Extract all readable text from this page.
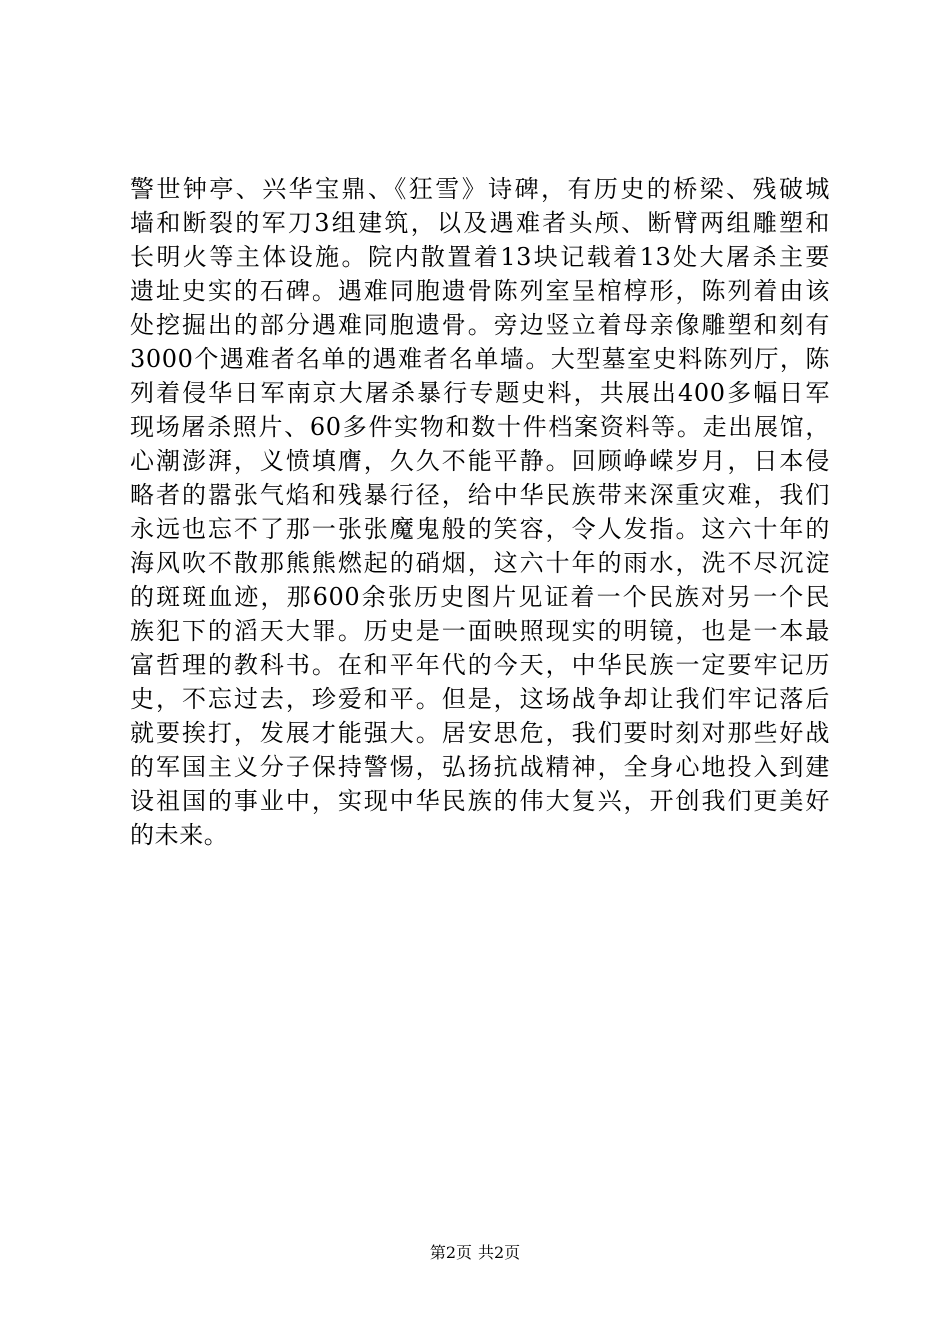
警世钟亭、兴华宝鼎、《狂雪》诗碑，有历史的桥梁、残破城
墙和断裂的军刀3组建筑，以及遇难者头颅、断臂两组雕塑和
长明火等主体设施。院内散置着13块记载着13处大屠杀主要
遗址史实的石碑。遇难同胞遗骨陈列室呈棺椁形，陈列着由该
处挖掘出的部分遇难同胞遗骨。旁边竖立着母亲像雕塑和刻有
3000个遇难者名单的遇难者名单墙。大型墓室史料陈列厅，陈
列着侵华日军南京大屠杀暴行专题史料，共展出400多幅日军
现场屠杀照片、60多件实物和数十件档案资料等。走出展馆，
心潮澎湃，义愤填膺，久久不能平静。回顾峥嵘岁月，日本侵
略者的嚣张气焰和残暴行径，给中华民族带来深重灾难，我们
永远也忘不了那一张张魔鬼般的笑容，令人发指。这六十年的
海风吹不散那熊熊燃起的硝烟，这六十年的雨水，洗不尽沉淀
的斑斑血迹，那600余张历史图片见证着一个民族对另一个民
族犯下的滔天大罪。历史是一面映照现实的明镜，也是一本最
富哲理的教科书。在和平年代的今天，中华民族一定要牢记历
史，不忘过去，珍爱和平。但是，这场战争却让我们牢记落后
就要挨打，发展才能强大。居安思危，我们要时刻对那些好战
的军国主义分子保持警惕，弘扬抗战精神，全身心地投入到建
设祖国的事业中，实现中华民族的伟大复兴，开创我们更美好
的未来。
第2页 共2页
